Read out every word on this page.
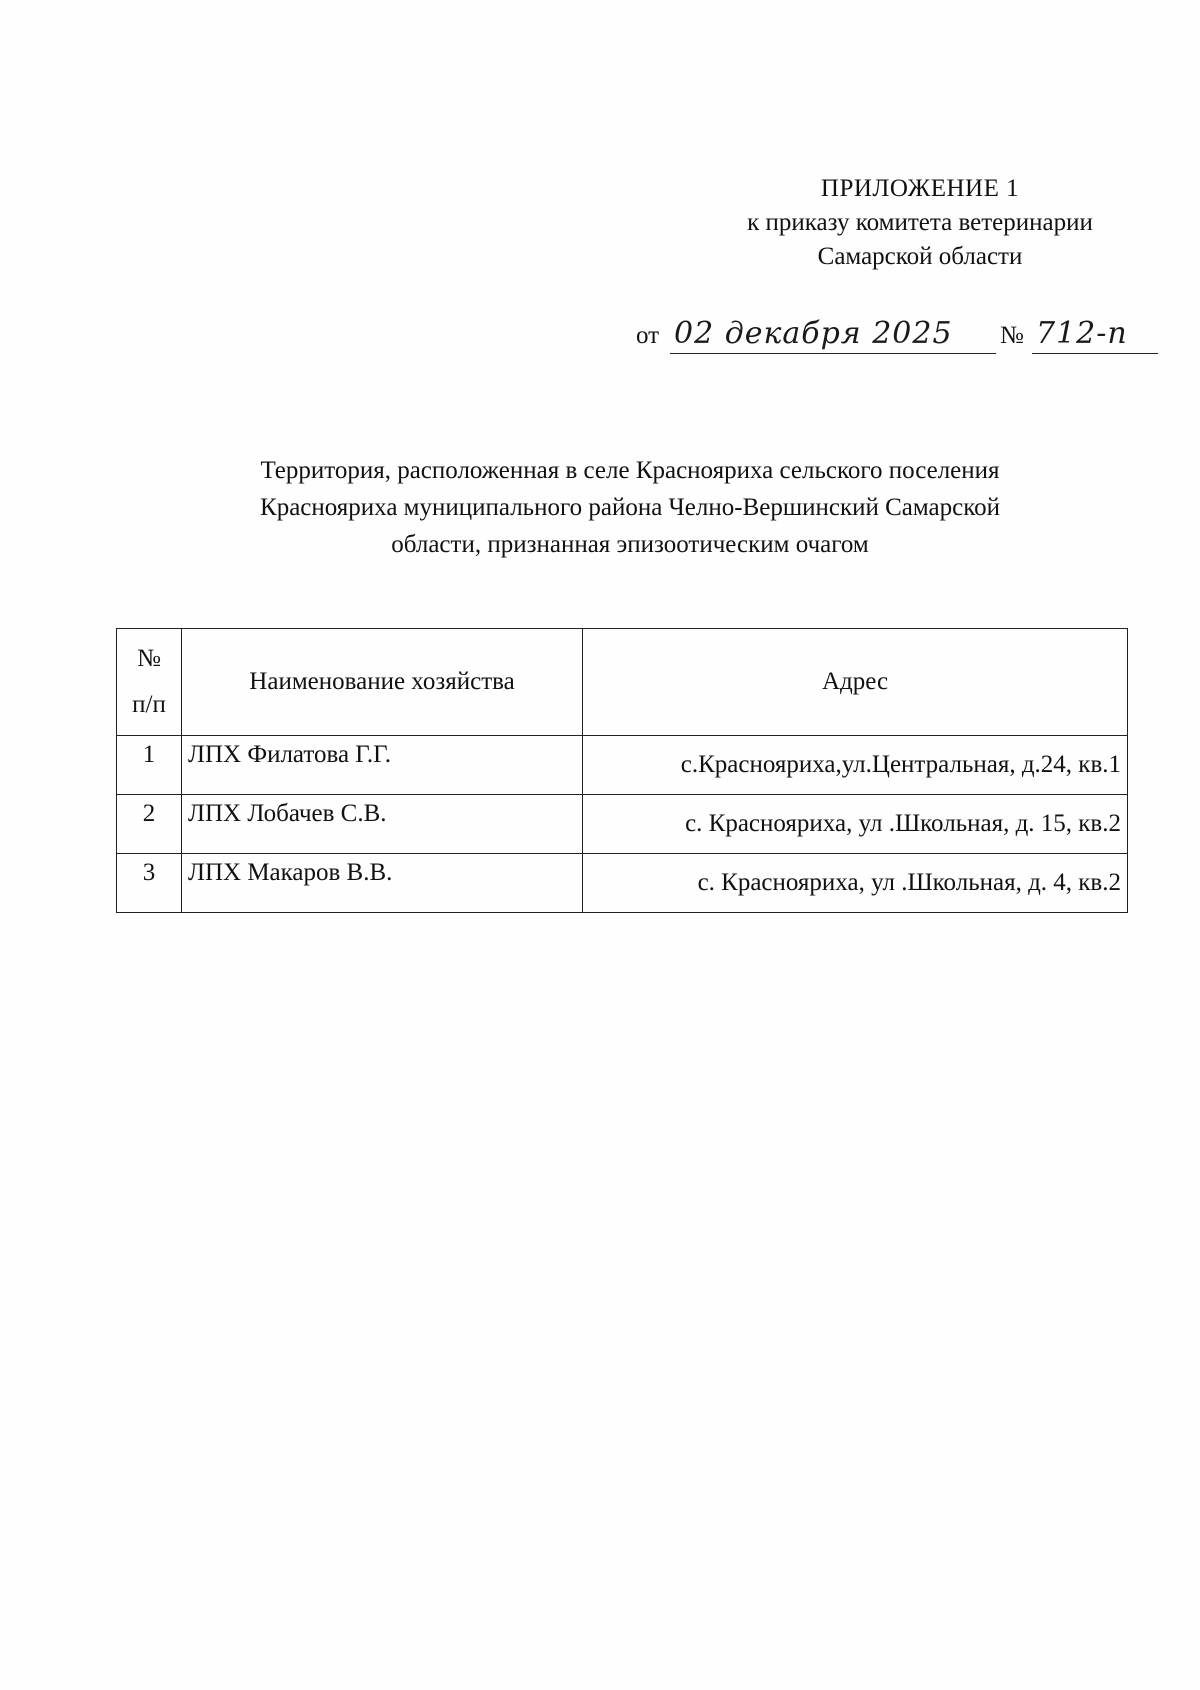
ПРИЛОЖЕНИЕ 1
к приказу комитета ветеринарии
Самарской области
от 02 декабря 2025	№ 712-п
Территория, расположенная в селе Краснояриха сельского поселения
Краснояриха муниципального района Челно-Вершинский Самарской
области, признанная эпизоотическим очагом
№
п/п	Наименование хозяйства	Адрес
1	ЛПХ Филатова Г.Г.	с.Краснояриха,ул.Центральная, д.24, кв.1
2	ЛПХ Лобачев С.В.	с. Краснояриха, ул .Школьная, д. 15, кв.2
3	ЛПХ Макаров В.В.	с. Краснояриха, ул .Школьная, д. 4, кв.2
